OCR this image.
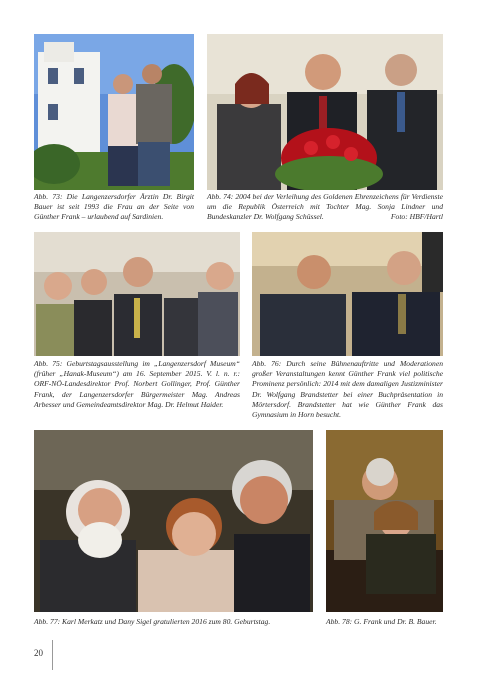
Abb. 73: Die Langenzersdorfer Ärztin Dr. Birgit Bauer ist seit 1993 die Frau an der Seite von Günther Frank – urlaubend auf Sardinien.

Abb. 74: 2004 bei der Verleihung des Goldenen Ehrenzeichens für Verdienste um die Republik Österreich mit Tochter Mag. Sonja Lindner und Bundeskanzler Dr. Wolfgang Schüssel.	Foto: HBF/Hartl

Abb. 75: Geburtstagsausstellung im „Langenzersdorf Museum“ (früher „Hanak-Museum“) am 16. September 2015. V. l. n. r.: ORF-NÖ-Landesdirektor Prof. Norbert Gollinger, Prof. Günther Frank, der Langenzersdorfer Bürgermeister Mag. Andreas Arbesser und Gemeindeamtsdirektor Mag. Dr. Helmut Haider.

Abb. 76: Durch seine Bühnenauftritte und Moderationen großer Veranstaltungen kennt Günther Frank viel politische Prominenz persönlich: 2014 mit dem damaligen Justizminister Dr. Wolfgang Brandstetter bei einer Buchpräsentation in Mörtersdorf. Brandstetter hat wie Günther Frank das Gymnasium in Horn besucht.

Abb. 77: Karl Merkatz und Dany Sigel gratulierten 2016 zum 80. Geburtstag.	Abb. 78: G. Frank und Dr. B. Bauer.

20
